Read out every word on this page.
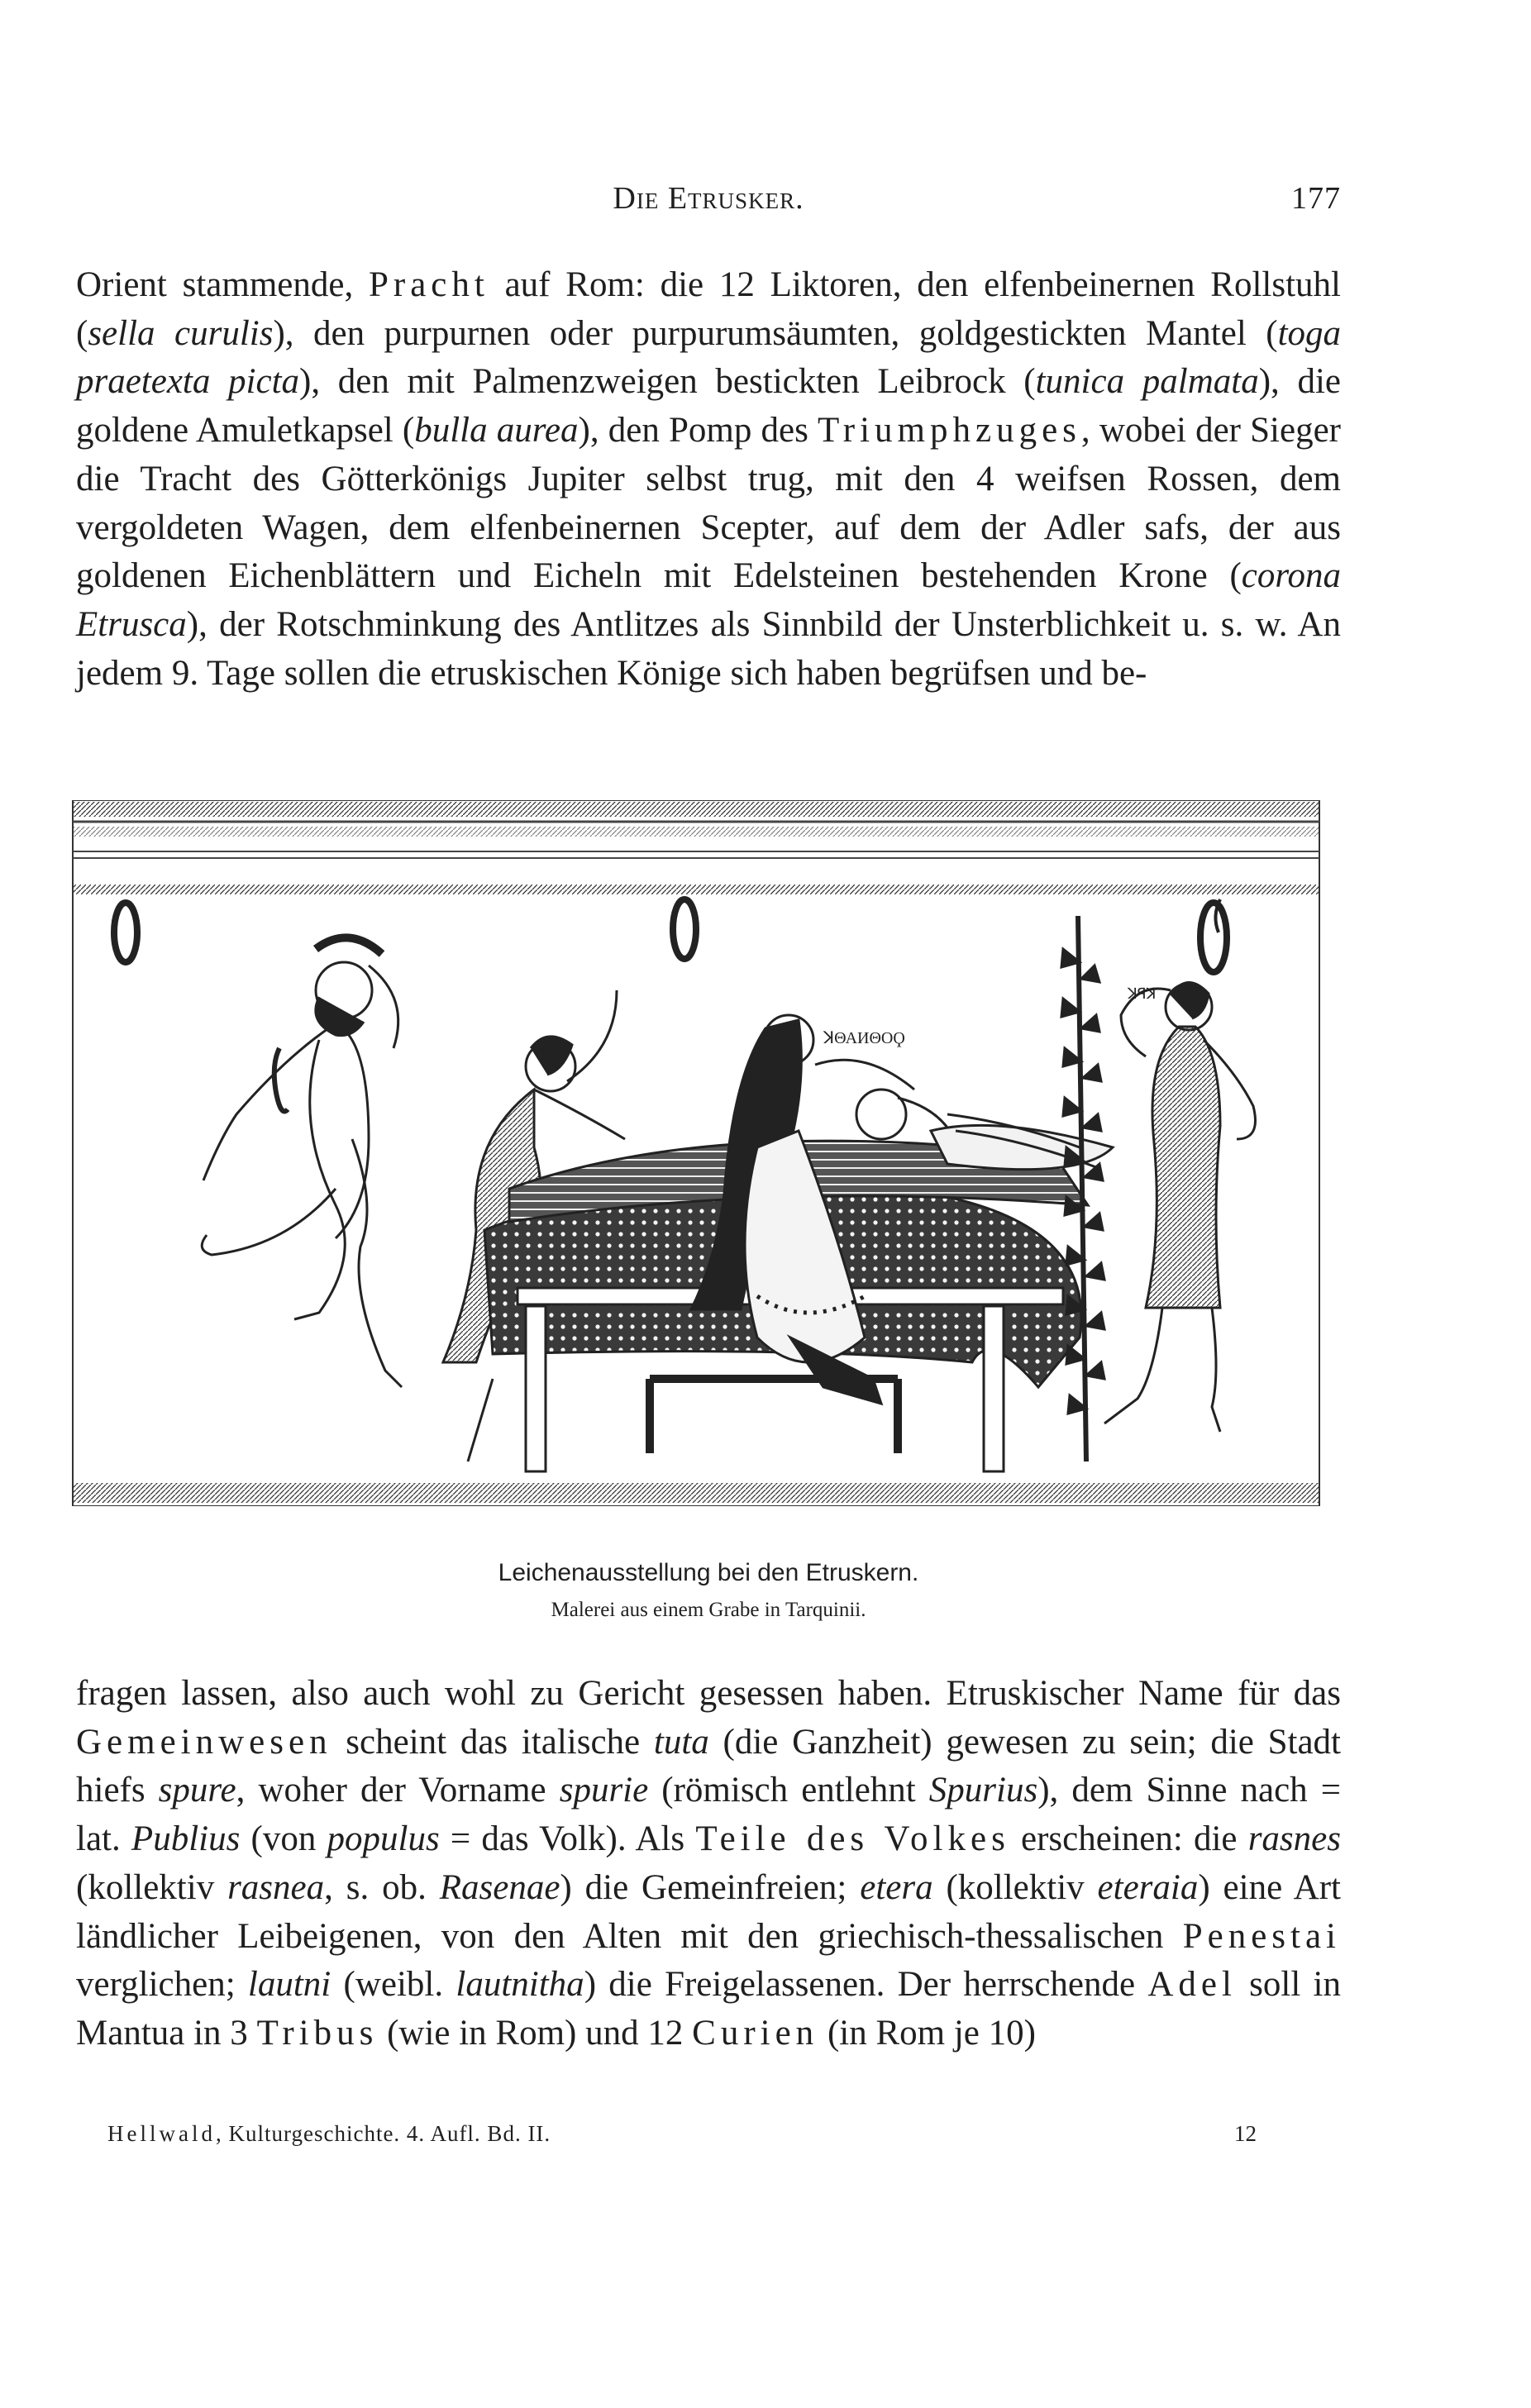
Die Etrusker.	177

Orient stammende, Pracht auf Rom: die 12 Liktoren, den elfenbeinernen Rollstuhl (sella curulis), den purpurnen oder purpurumsäumten, goldgestickten Mantel (toga praetexta picta), den mit Palmenzweigen bestickten Leibrock (tunica palmata), die goldene Amuletkapsel (bulla aurea), den Pomp des Triumphzuges, wobei der Sieger die Tracht des Götterkönigs Jupiter selbst trug, mit den 4 weifsen Rossen, dem vergoldeten Wagen, dem elfenbeinernen Scepter, auf dem der Adler safs, der aus goldenen Eichenblättern und Eicheln mit Edelsteinen bestehenden Krone (corona Etrusca), der Rotschminkung des Antlitzes als Sinnbild der Unsterblichkeit u. s. w. An jedem 9. Tage sollen die etruskischen Könige sich haben begrüfsen und be-

ꓘΘΑИΘΟϘ
ꓘꟼꓘ
Leichenausstellung bei den Etruskern.
Malerei aus einem Grabe in Tarquinii.

fragen lassen, also auch wohl zu Gericht gesessen haben. Etruskischer Name für das Gemeinwesen scheint das italische tuta (die Ganzheit) gewesen zu sein; die Stadt hiefs spure, woher der Vorname spurie (römisch entlehnt Spurius), dem Sinne nach = lat. Publius (von populus = das Volk). Als Teile des Volkes erscheinen: die rasnes (kollektiv rasnea, s. ob. Rasenae) die Gemeinfreien; etera (kollektiv eteraia) eine Art ländlicher Leibeigenen, von den Alten mit den griechisch-thessalischen Penestai verglichen; lautni (weibl. lautnitha) die Freigelassenen. Der herrschende Adel soll in Mantua in 3 Tribus (wie in Rom) und 12 Curien (in Rom je 10)

Hellwald, Kulturgeschichte. 4. Aufl. Bd. II.	12
